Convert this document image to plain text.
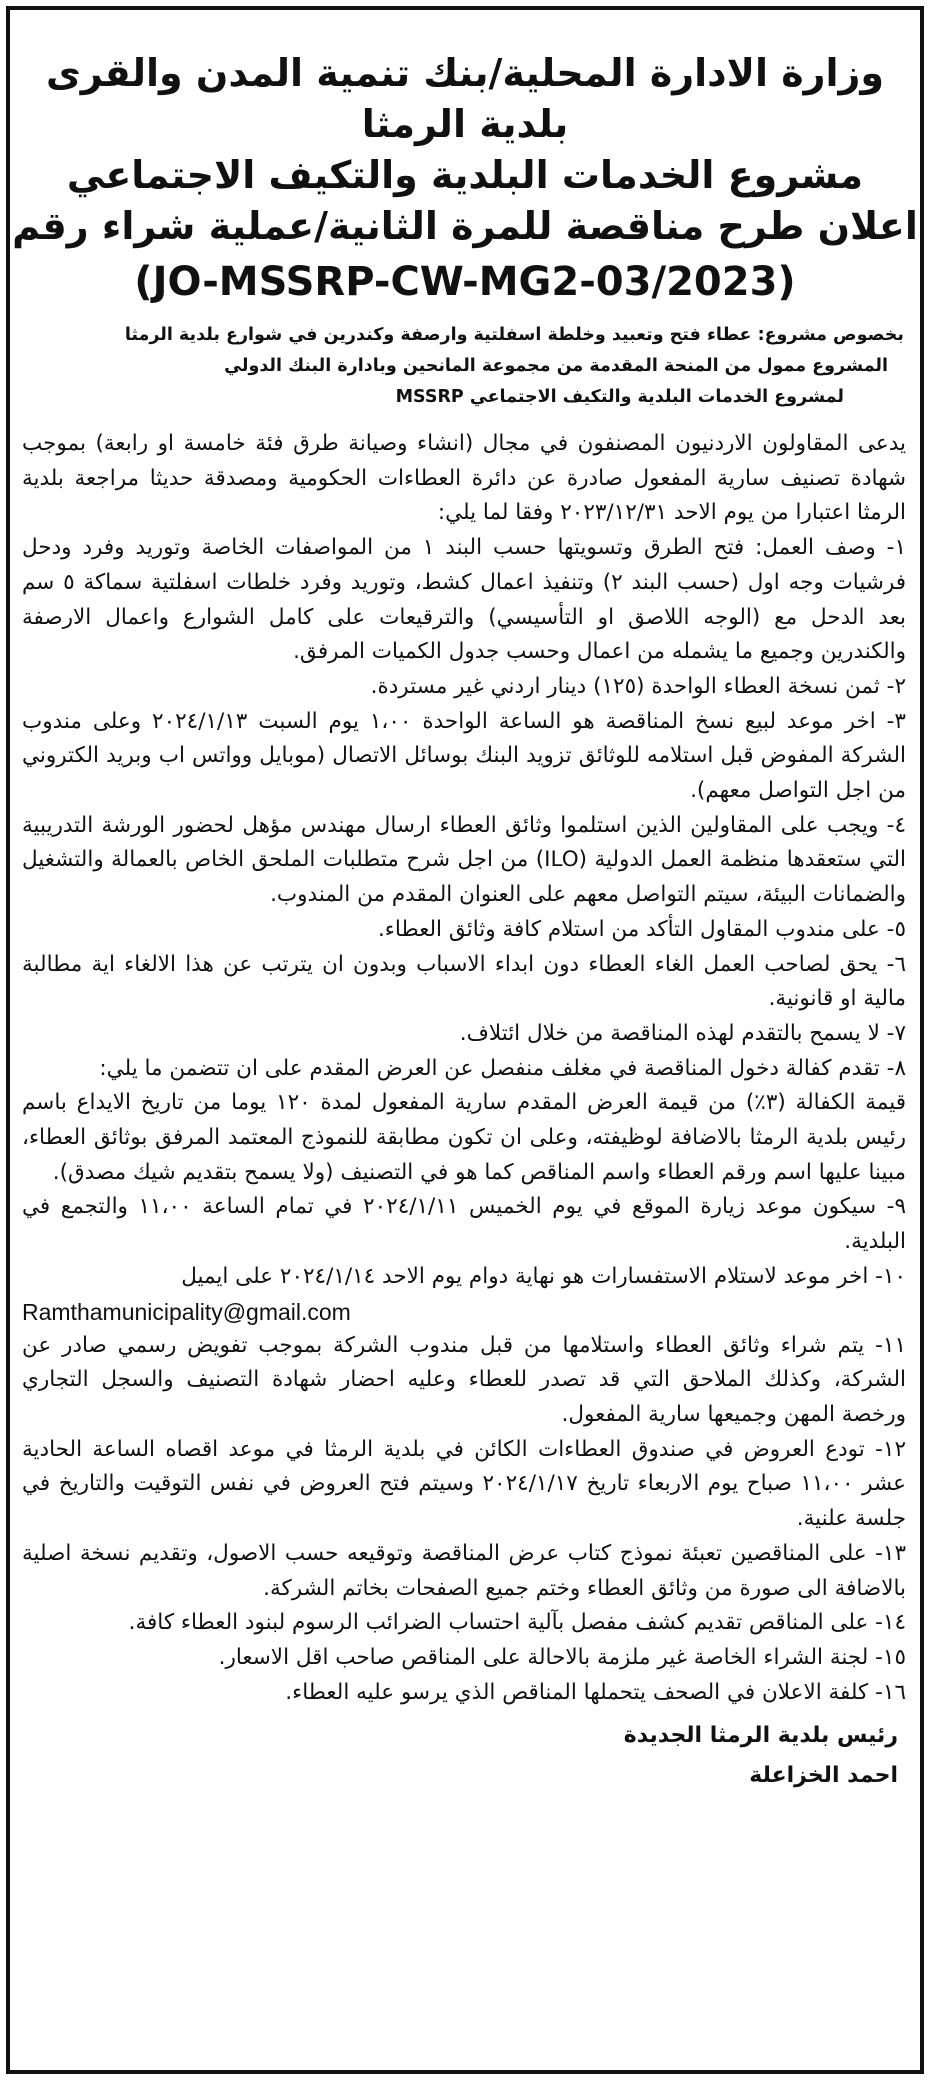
وزارة الادارة المحلية/بنك تنمية المدن والقرى
بلدية الرمثا
مشروع الخدمات البلدية والتكيف الاجتماعي
اعلان طرح مناقصة للمرة الثانية/عملية شراء رقم
(JO-MSSRP-CW-MG2-03/2023)
بخصوص مشروع: عطاء فتح وتعبيد وخلطة اسفلتية وارصفة وكندرين في شوارع بلدية الرمثا
المشروع ممول من المنحة المقدمة من مجموعة المانحين وبادارة البنك الدولي
لمشروع الخدمات البلدية والتكيف الاجتماعي MSSRP

يدعى المقاولون الاردنيون المصنفون في مجال (انشاء وصيانة طرق فئة خامسة او رابعة) بموجب شهادة تصنيف سارية المفعول صادرة عن دائرة العطاءات الحكومية ومصدقة حديثا مراجعة بلدية الرمثا اعتبارا من يوم الاحد ٢٠٢٣/١٢/٣١ وفقا لما يلي:

١- وصف العمل: فتح الطرق وتسويتها حسب البند ١ من المواصفات الخاصة وتوريد وفرد ودحل فرشيات وجه اول (حسب البند ٢) وتنفيذ اعمال كشط، وتوريد وفرد خلطات اسفلتية سماكة ٥ سم بعد الدحل مع (الوجه اللاصق او التأسيسي) والترقيعات على كامل الشوارع واعمال الارصفة والكندرين وجميع ما يشمله من اعمال وحسب جدول الكميات المرفق.

٢- ثمن نسخة العطاء الواحدة (١٢٥) دينار اردني غير مستردة.

٣- اخر موعد لبيع نسخ المناقصة هو الساعة الواحدة ١،٠٠ يوم السبت ٢٠٢٤/١/١٣ وعلى مندوب الشركة المفوض قبل استلامه للوثائق تزويد البنك بوسائل الاتصال (موبايل وواتس اب وبريد الكتروني من اجل التواصل معهم).

٤- ويجب على المقاولين الذين استلموا وثائق العطاء ارسال مهندس مؤهل لحضور الورشة التدريبية التي ستعقدها منظمة العمل الدولية (ILO) من اجل شرح متطلبات الملحق الخاص بالعمالة والتشغيل والضمانات البيئة، سيتم التواصل معهم على العنوان المقدم من المندوب.

٥- على مندوب المقاول التأكد من استلام كافة وثائق العطاء.

٦- يحق لصاحب العمل الغاء العطاء دون ابداء الاسباب وبدون ان يترتب عن هذا الالغاء اية مطالبة مالية او قانونية.

٧- لا يسمح بالتقدم لهذه المناقصة من خلال ائتلاف.

٨- تقدم كفالة دخول المناقصة في مغلف منفصل عن العرض المقدم على ان تتضمن ما يلي:

قيمة الكفالة (٣٪) من قيمة العرض المقدم سارية المفعول لمدة ١٢٠ يوما من تاريخ الايداع باسم رئيس بلدية الرمثا بالاضافة لوظيفته، وعلى ان تكون مطابقة للنموذج المعتمد المرفق بوثائق العطاء، مبينا عليها اسم ورقم العطاء واسم المناقص كما هو في التصنيف (ولا يسمح بتقديم شيك مصدق).

٩- سيكون موعد زيارة الموقع في يوم الخميس ٢٠٢٤/١/١١ في تمام الساعة ١١،٠٠ والتجمع في البلدية.

١٠- اخر موعد لاستلام الاستفسارات هو نهاية دوام يوم الاحد ٢٠٢٤/١/١٤ على ايميل

Ramthamunicipality@gmail.com

١١- يتم شراء وثائق العطاء واستلامها من قبل مندوب الشركة بموجب تفويض رسمي صادر عن الشركة، وكذلك الملاحق التي قد تصدر للعطاء وعليه احضار شهادة التصنيف والسجل التجاري ورخصة المهن وجميعها سارية المفعول.

١٢- تودع العروض في صندوق العطاءات الكائن في بلدية الرمثا في موعد اقصاه الساعة الحادية عشر ١١،٠٠ صباح يوم الاربعاء تاريخ ٢٠٢٤/١/١٧ وسيتم فتح العروض في نفس التوقيت والتاريخ في جلسة علنية.

١٣- على المناقصين تعبئة نموذج كتاب عرض المناقصة وتوقيعه حسب الاصول، وتقديم نسخة اصلية بالاضافة الى صورة من وثائق العطاء وختم جميع الصفحات بخاتم الشركة.

١٤- على المناقص تقديم كشف مفصل بآلية احتساب الضرائب الرسوم لبنود العطاء كافة.

١٥- لجنة الشراء الخاصة غير ملزمة بالاحالة على المناقص صاحب اقل الاسعار.

١٦- كلفة الاعلان في الصحف يتحملها المناقص الذي يرسو عليه العطاء.

رئيس بلدية الرمثا الجديدة
احمد الخزاعلة
